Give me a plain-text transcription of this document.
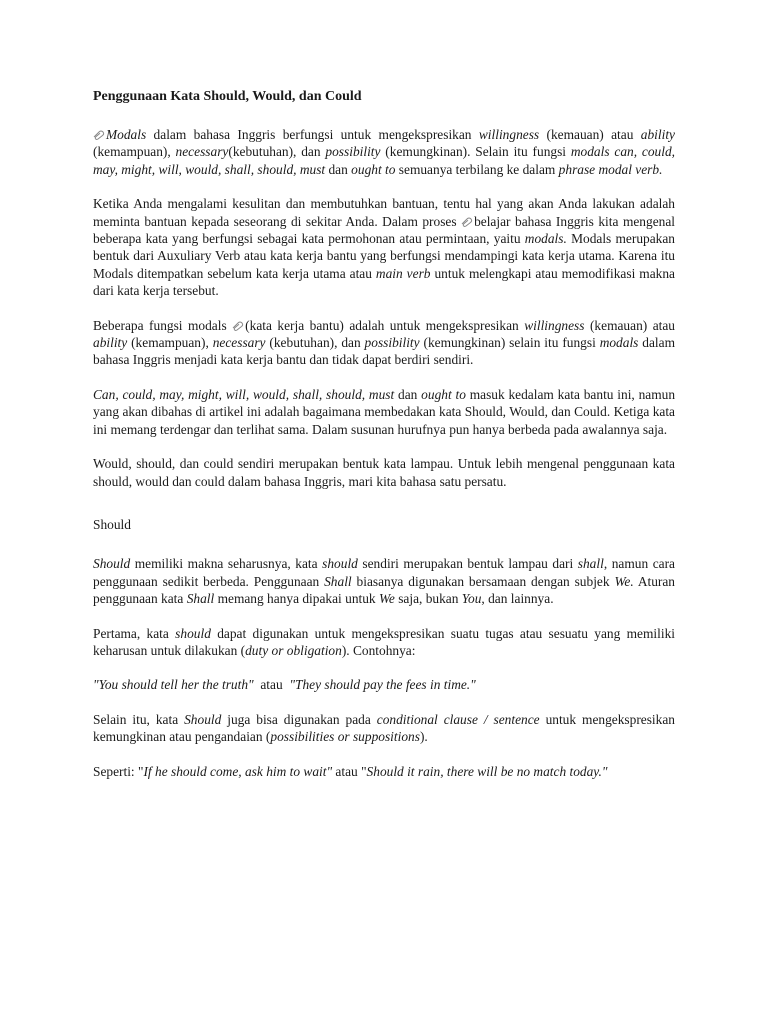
Penggunaan Kata Should, Would, dan Could

Modals dalam bahasa Inggris berfungsi untuk mengekspresikan willingness (kemauan) atau ability (kemampuan), necessary(kebutuhan), dan possibility (kemungkinan). Selain itu fungsi modals can, could, may, might, will, would, shall, should, must dan ought to semuanya terbilang ke dalam phrase modal verb.

Ketika Anda mengalami kesulitan dan membutuhkan bantuan, tentu hal yang akan Anda lakukan adalah meminta bantuan kepada seseorang di sekitar Anda. Dalam proses
belajar bahasa Inggris kita mengenal beberapa kata yang berfungsi sebagai kata permohonan atau permintaan, yaitu modals. Modals merupakan bentuk dari Auxuliary Verb atau kata kerja bantu yang berfungsi mendampingi kata kerja utama. Karena itu Modals ditempatkan sebelum kata kerja utama atau main verb untuk melengkapi atau memodifikasi makna dari kata kerja tersebut.

Beberapa fungsi modals
(kata kerja bantu) adalah untuk mengekspresikan willingness (kemauan) atau ability (kemampuan), necessary (kebutuhan), dan possibility (kemungkinan) selain itu fungsi modals dalam bahasa Inggris menjadi kata kerja bantu dan tidak dapat berdiri sendiri.

Can, could, may, might, will, would, shall, should, must dan ought to masuk kedalam kata bantu ini, namun yang akan dibahas di artikel ini adalah bagaimana membedakan kata Should, Would, dan Could. Ketiga kata ini memang terdengar dan terlihat sama. Dalam susunan hurufnya pun hanya berbeda pada awalannya saja.

Would, should, dan could sendiri merupakan bentuk kata lampau. Untuk lebih mengenal penggunaan kata should, would dan could dalam bahasa Inggris, mari kita bahasa satu persatu.

Should

Should memiliki makna seharusnya, kata should sendiri merupakan bentuk lampau dari shall, namun cara penggunaan sedikit berbeda. Penggunaan Shall biasanya digunakan bersamaan dengan subjek We. Aturan penggunaan kata Shall memang hanya dipakai untuk We saja, bukan You, dan lainnya.

Pertama, kata should dapat digunakan untuk mengekspresikan suatu tugas atau sesuatu yang memiliki keharusan untuk dilakukan (duty or obligation). Contohnya:

"You should tell her the truth"  atau  "They should pay the fees in time."

Selain itu, kata Should juga bisa digunakan pada conditional clause / sentence untuk mengekspresikan kemungkinan atau pengandaian (possibilities or suppositions).

Seperti: "If he should come, ask him to wait" atau "Should it rain, there will be no match today."
